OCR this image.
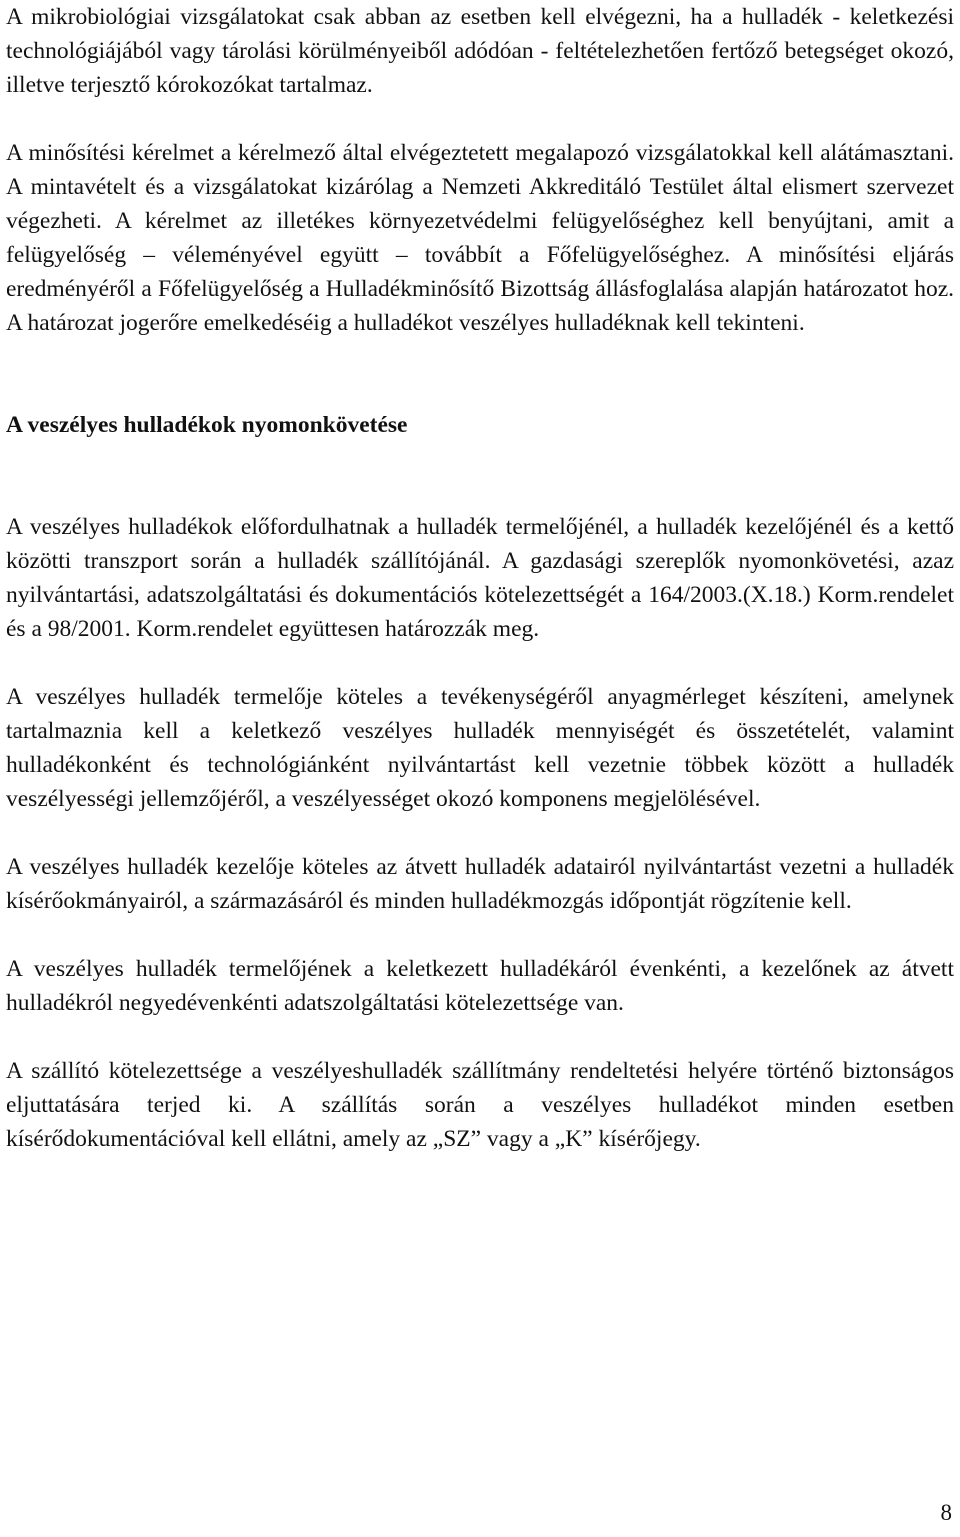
A mikrobiológiai vizsgálatokat csak abban az esetben kell elvégezni, ha a hulladék - keletkezési technológiájából vagy tárolási körülményeiből adódóan - feltételezhetően fertőző betegséget okozó, illetve terjesztő kórokozókat tartalmaz.

A minősítési kérelmet a kérelmező által elvégeztetett megalapozó vizsgálatokkal kell alátámasztani. A mintavételt és a vizsgálatokat kizárólag a Nemzeti Akkreditáló Testület által elismert szervezet végezheti. A kérelmet az illetékes környezetvédelmi felügyelőséghez kell benyújtani, amit a felügyelőség – véleményével együtt – továbbít a Főfelügyelőséghez. A minősítési eljárás eredményéről a Főfelügyelőség a Hulladékminősítő Bizottság állásfoglalása alapján határozatot hoz. A határozat jogerőre emelkedéséig a hulladékot veszélyes hulladéknak kell tekinteni.

A veszélyes hulladékok nyomonkövetése

A veszélyes hulladékok előfordulhatnak a hulladék termelőjénél, a hulladék kezelőjénél és a kettő közötti transzport során a hulladék szállítójánál. A gazdasági szereplők nyomonkövetési, azaz nyilvántartási, adatszolgáltatási és dokumentációs kötelezettségét a 164/2003.(X.18.) Korm.rendelet és a 98/2001. Korm.rendelet együttesen határozzák meg.

A veszélyes hulladék termelője köteles a tevékenységéről anyagmérleget készíteni, amelynek tartalmaznia kell a keletkező veszélyes hulladék mennyiségét és összetételét, valamint hulladékonként és technológiánként nyilvántartást kell vezetnie többek között a hulladék veszélyességi jellemzőjéről, a veszélyességet okozó komponens megjelölésével.

A veszélyes hulladék kezelője köteles az átvett hulladék adatairól nyilvántartást vezetni a hulladék kísérőokmányairól, a származásáról és minden hulladékmozgás időpontját rögzítenie kell.

A veszélyes hulladék termelőjének a keletkezett hulladékáról évenkénti, a kezelőnek az átvett hulladékról negyedévenkénti adatszolgáltatási kötelezettsége van.

A szállító kötelezettsége a veszélyeshulladék szállítmány rendeltetési helyére történő biztonságos eljuttatására terjed ki. A szállítás során a veszélyes hulladékot minden esetben kísérődokumentációval kell ellátni, amely az „SZ” vagy a „K” kísérőjegy.

8
